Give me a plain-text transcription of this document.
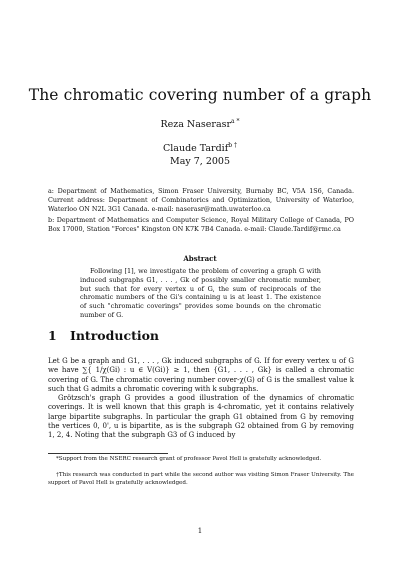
The chromatic covering number of a graph
Reza Naserasr$^{a *}$
Claude Tardif$^{b \dagger}$
May 7, 2005
a: Department of Mathematics, Simon Fraser University, Burnaby BC, V5A 1S6, Canada. Current address: Department of Combinatorics and Optimization, University of Waterloo, Waterloo ON N2L 3G1 Canada. e-mail: naserasr@math.uwaterloo.ca
b: Department of Mathematics and Computer Science, Royal Military College of Canada, PO Box 17000, Station "Forces" Kingston ON K7K 7B4 Canada. e-mail: Claude.Tardif@rmc.ca
Abstract
Following [1], we investigate the problem of covering a graph G with induced subgraphs G1, . . . , Gk of possibly smaller chromatic number, but such that for every vertex u of G, the sum of reciprocals of the chromatic numbers of the Gi's containing u is at least 1. The existence of such "chromatic coverings" provides some bounds on the chromatic number of G.
1 Introduction
Let G be a graph and G1, . . . , Gk induced subgraphs of G. If for every vertex u of G we have ∑{ 1/χ(Gi) : u ∈ V(Gi)} ≥ 1, then {G1, . . . , Gk} is called a chromatic covering of G. The chromatic covering number cover-χ(G) of G is the smallest value k such that G admits a chromatic covering with k subgraphs.
Grötzsch's graph G provides a good illustration of the dynamics of chromatic coverings. It is well known that this graph is 4-chromatic, yet it contains relatively large bipartite subgraphs. In particular the graph G1 obtained from G by removing the vertices 0, 0', u is bipartite, as is the subgraph G2 obtained from G by removing 1, 2, 4. Noting that the subgraph G3 of G induced by
*Support from the NSERC research grant of professor Pavol Hell is gratefully acknowledged.
†This research was conducted in part while the second author was visiting Simon Fraser University. The support of Pavol Hell is gratefully acknowledged.
1
